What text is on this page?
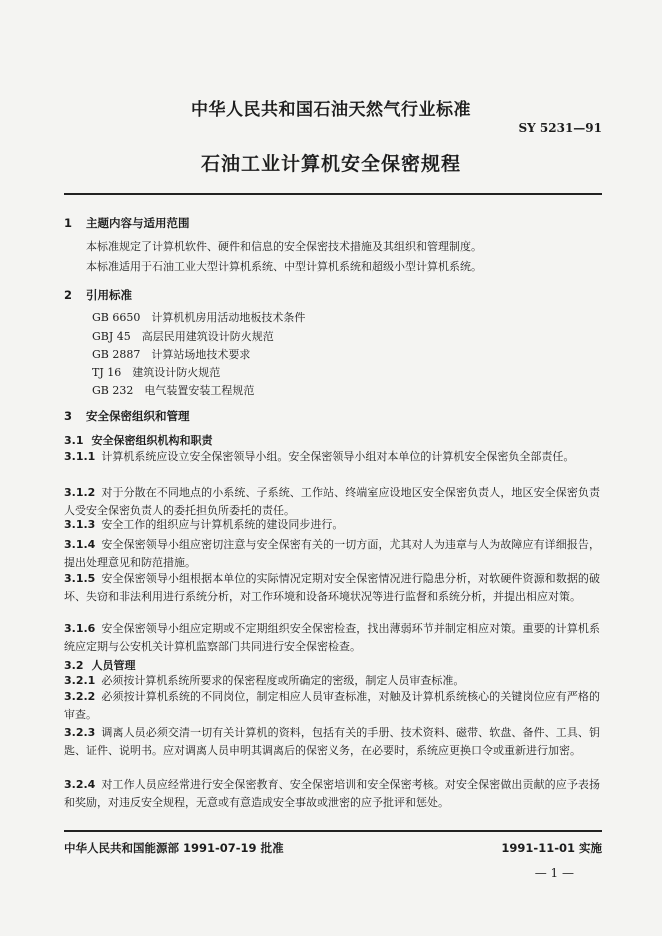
中华人民共和国石油天然气行业标准
SY 5231—91
石油工业计算机安全保密规程
1 主题内容与适用范围
本标准规定了计算机软件、硬件和信息的安全保密技术措施及其组织和管理制度。
本标准适用于石油工业大型计算机系统、中型计算机系统和超级小型计算机系统。
2 引用标准
GB 6650　计算机机房用活动地板技术条件
GBJ 45　高层民用建筑设计防火规范
GB 2887　计算站场地技术要求
TJ 16　建筑设计防火规范
GB 232　电气装置安装工程规范
3 安全保密组织和管理
3.1 安全保密组织机构和职责
3.1.1 计算机系统应设立安全保密领导小组。安全保密领导小组对本单位的计算机安全保密负全部责任。
3.1.2 对于分散在不同地点的小系统、子系统、工作站、终端室应设地区安全保密负责人，地区安全保密负责人受安全保密负责人的委托担负所委托的责任。
3.1.3 安全工作的组织应与计算机系统的建设同步进行。
3.1.4 安全保密领导小组应密切注意与安全保密有关的一切方面，尤其对人为违章与人为故障应有详细报告，提出处理意见和防范措施。
3.1.5 安全保密领导小组根据本单位的实际情况定期对安全保密情况进行隐患分析，对软硬件资源和数据的破坏、失窃和非法利用进行系统分析，对工作环境和设备环境状况等进行监督和系统分析，并提出相应对策。
3.1.6 安全保密领导小组应定期或不定期组织安全保密检查，找出薄弱环节并制定相应对策。重要的计算机系统应定期与公安机关计算机监察部门共同进行安全保密检查。
3.2 人员管理
3.2.1 必须按计算机系统所要求的保密程度或所确定的密级，制定人员审查标准。
3.2.2 必须按计算机系统的不同岗位，制定相应人员审查标准，对触及计算机系统核心的关键岗位应有严格的审查。
3.2.3 调离人员必须交清一切有关计算机的资料，包括有关的手册、技术资料、磁带、软盘、备件、工具、钥匙、证件、说明书。应对调离人员申明其调离后的保密义务，在必要时，系统应更换口令或重新进行加密。
3.2.4 对工作人员应经常进行安全保密教育、安全保密培训和安全保密考核。对安全保密做出贡献的应予表扬和奖励，对违反安全规程，无意或有意造成安全事故或泄密的应予批评和惩处。
中华人民共和国能源部 1991-07-19 批准	1991-11-01 实施
— 1 —
